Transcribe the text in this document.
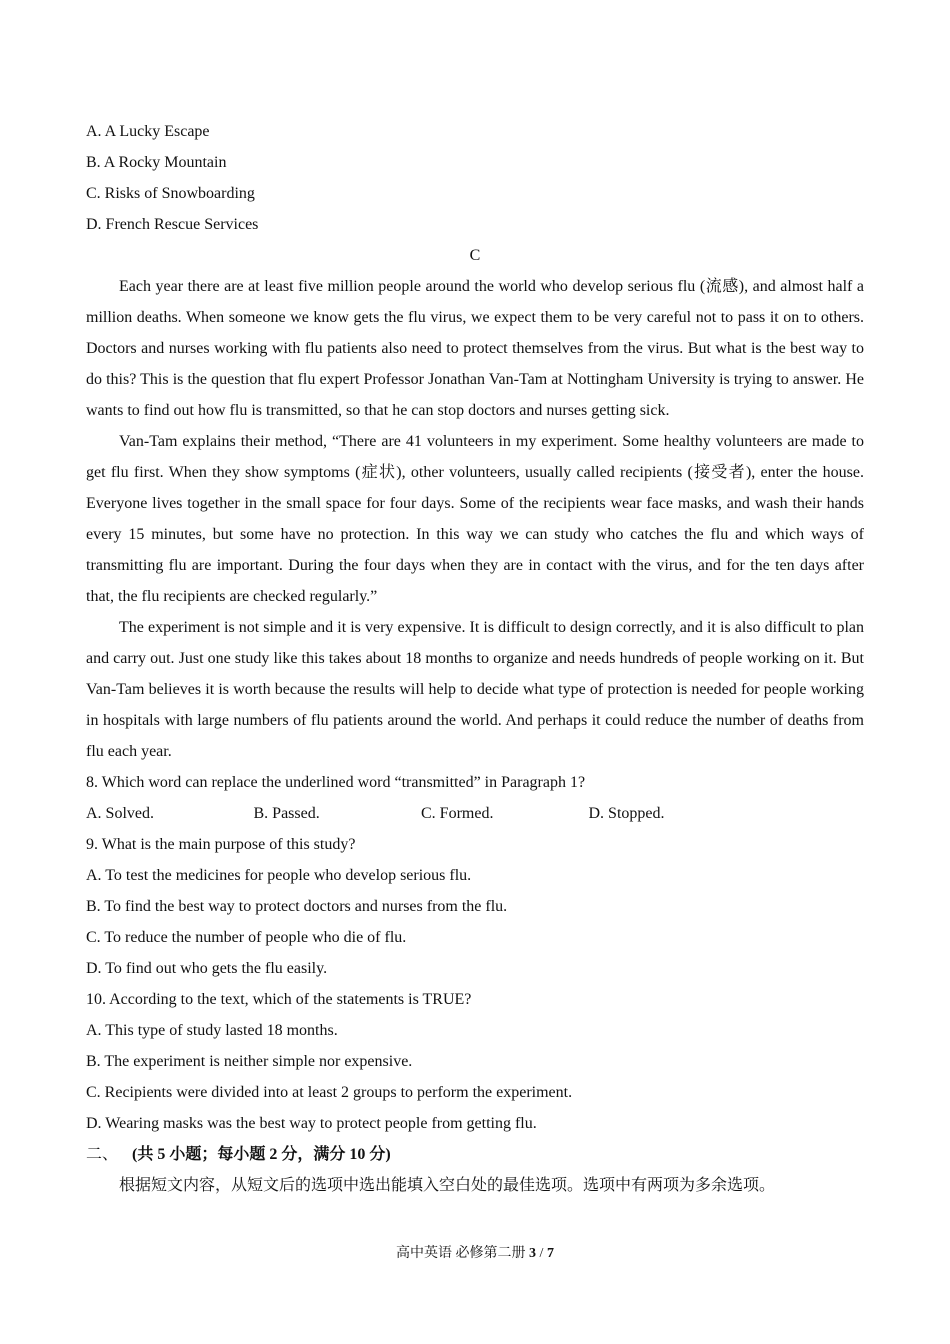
A. A Lucky Escape
B. A Rocky Mountain
C. Risks of Snowboarding
D. French Rescue Services
C

Each year there are at least five million people around the world who develop serious flu (流感), and almost half a million deaths. When someone we know gets the flu virus, we expect them to be very careful not to pass it on to others. Doctors and nurses working with flu patients also need to protect themselves from the virus. But what is the best way to do this? This is the question that flu expert Professor Jonathan Van-Tam at Nottingham University is trying to answer. He wants to find out how flu is transmitted, so that he can stop doctors and nurses getting sick.

Van-Tam explains their method, “There are 41 volunteers in my experiment. Some healthy volunteers are made to get flu first. When they show symptoms (症状), other volunteers, usually called recipients (接受者), enter the house. Everyone lives together in the small space for four days. Some of the recipients wear face masks, and wash their hands every 15 minutes, but some have no protection. In this way we can study who catches the flu and which ways of transmitting flu are important. During the four days when they are in contact with the virus, and for the ten days after that, the flu recipients are checked regularly.”

The experiment is not simple and it is very expensive. It is difficult to design correctly, and it is also difficult to plan and carry out. Just one study like this takes about 18 months to organize and needs hundreds of people working on it. But Van-Tam believes it is worth because the results will help to decide what type of protection is needed for people working in hospitals with large numbers of flu patients around the world. And perhaps it could reduce the number of deaths from flu each year.

8. Which word can replace the underlined word “transmitted” in Paragraph 1?
A. Solved.	B. Passed.	C. Formed.	D. Stopped.
9. What is the main purpose of this study?
A. To test the medicines for people who develop serious flu.
B. To find the best way to protect doctors and nurses from the flu.
C. To reduce the number of people who die of flu.
D. To find out who gets the flu easily.
10. According to the text, which of the statements is TRUE?
A. This type of study lasted 18 months.
B. The experiment is neither simple nor expensive.
C. Recipients were divided into at least 2 groups to perform the experiment.
D. Wearing masks was the best way to protect people from getting flu.
二、 (共 5 小题；每小题 2 分，满分 10 分)
根据短文内容，从短文后的选项中选出能填入空白处的最佳选项。选项中有两项为多余选项。
高中英语 必修第二册 3 / 7
